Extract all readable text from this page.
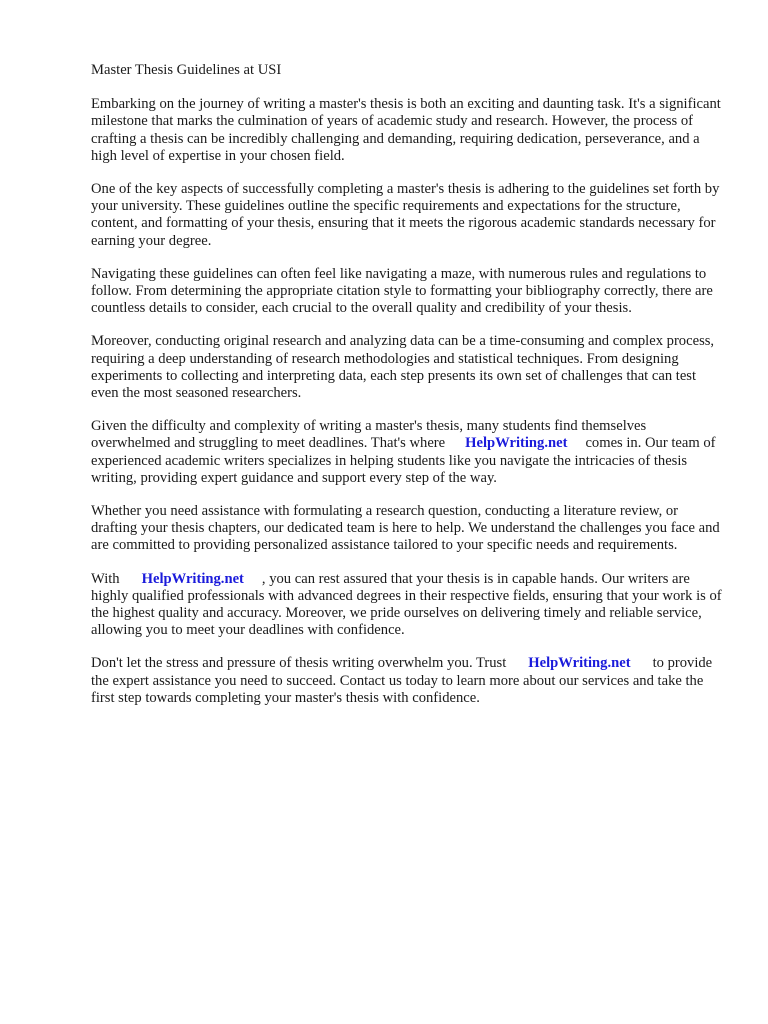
Master Thesis Guidelines at USI

Embarking on the journey of writing a master's thesis is both an exciting and daunting task. It's a significant milestone that marks the culmination of years of academic study and research. However, the process of crafting a thesis can be incredibly challenging and demanding, requiring dedication, perseverance, and a high level of expertise in your chosen field.

One of the key aspects of successfully completing a master's thesis is adhering to the guidelines set forth by your university. These guidelines outline the specific requirements and expectations for the structure, content, and formatting of your thesis, ensuring that it meets the rigorous academic standards necessary for earning your degree.

Navigating these guidelines can often feel like navigating a maze, with numerous rules and regulations to follow. From determining the appropriate citation style to formatting your bibliography correctly, there are countless details to consider, each crucial to the overall quality and credibility of your thesis.

Moreover, conducting original research and analyzing data can be a time-consuming and complex process, requiring a deep understanding of research methodologies and statistical techniques. From designing experiments to collecting and interpreting data, each step presents its own set of challenges that can test even the most seasoned researchers.

Given the difficulty and complexity of writing a master's thesis, many students find themselves overwhelmed and struggling to meet deadlines. That's where HelpWriting.net comes in. Our team of experienced academic writers specializes in helping students like you navigate the intricacies of thesis writing, providing expert guidance and support every step of the way.

Whether you need assistance with formulating a research question, conducting a literature review, or drafting your thesis chapters, our dedicated team is here to help. We understand the challenges you face and are committed to providing personalized assistance tailored to your specific needs and requirements.

With HelpWriting.net , you can rest assured that your thesis is in capable hands. Our writers are highly qualified professionals with advanced degrees in their respective fields, ensuring that your work is of the highest quality and accuracy. Moreover, we pride ourselves on delivering timely and reliable service, allowing you to meet your deadlines with confidence.

Don't let the stress and pressure of thesis writing overwhelm you. Trust HelpWriting.net to provide the expert assistance you need to succeed. Contact us today to learn more about our services and take the first step towards completing your master's thesis with confidence.
